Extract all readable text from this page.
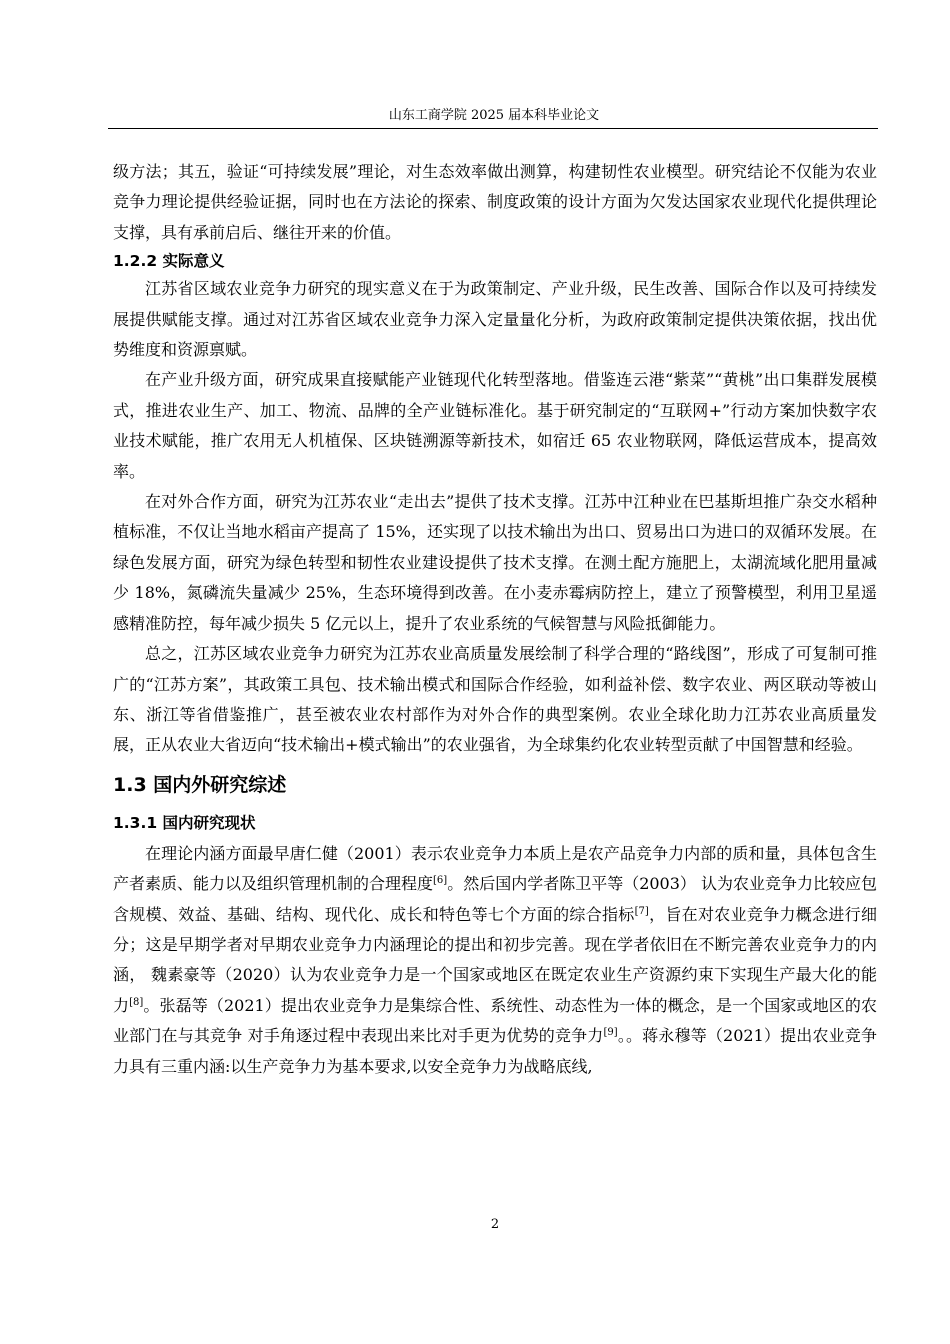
山东工商学院 2025 届本科毕业论文

级方法；其五，验证“可持续发展”理论，对生态效率做出测算，构建韧性农业模型。研究结论不仅能为农业竞争力理论提供经验证据，同时也在方法论的探索、制度政策的设计方面为欠发达国家农业现代化提供理论支撑，具有承前启后、继往开来的价值。

1.2.2 实际意义

江苏省区域农业竞争力研究的现实意义在于为政策制定、产业升级，民生改善、国际合作以及可持续发展提供赋能支撑。通过对江苏省区域农业竞争力深入定量量化分析，为政府政策制定提供决策依据，找出优势维度和资源禀赋。

在产业升级方面，研究成果直接赋能产业链现代化转型落地。借鉴连云港“紫菜”“黄桃”出口集群发展模式，推进农业生产、加工、物流、品牌的全产业链标准化。基于研究制定的“互联网+”行动方案加快数字农业技术赋能，推广农用无人机植保、区块链溯源等新技术，如宿迁 65 农业物联网，降低运营成本，提高效率。

在对外合作方面，研究为江苏农业“走出去”提供了技术支撑。江苏中江种业在巴基斯坦推广杂交水稻种植标准，不仅让当地水稻亩产提高了 15%，还实现了以技术输出为出口、贸易出口为进口的双循环发展。在绿色发展方面，研究为绿色转型和韧性农业建设提供了技术支撑。在测土配方施肥上，太湖流域化肥用量减少 18%，氮磷流失量减少 25%，生态环境得到改善。在小麦赤霉病防控上，建立了预警模型，利用卫星遥感精准防控，每年减少损失 5 亿元以上，提升了农业系统的气候智慧与风险抵御能力。

总之，江苏区域农业竞争力研究为江苏农业高质量发展绘制了科学合理的“路线图”，形成了可复制可推广的“江苏方案”，其政策工具包、技术输出模式和国际合作经验，如利益补偿、数字农业、两区联动等被山东、浙江等省借鉴推广，甚至被农业农村部作为对外合作的典型案例。农业全球化助力江苏农业高质量发展，正从农业大省迈向“技术输出+模式输出”的农业强省，为全球集约化农业转型贡献了中国智慧和经验。

1.3 国内外研究综述
1.3.1 国内研究现状

在理论内涵方面最早唐仁健（2001）表示农业竞争力本质上是农产品竞争力内部的质和量，具体包含生产者素质、能力以及组织管理机制的合理程度[6]。然后国内学者陈卫平等（2003） 认为农业竞争力比较应包含规模、效益、基础、结构、现代化、成长和特色等七个方面的综合指标[7]，旨在对农业竞争力概念进行细分；这是早期学者对早期农业竞争力内涵理论的提出和初步完善。现在学者依旧在不断完善农业竞争力的内涵， 魏素豪等（2020）认为农业竞争力是一个国家或地区在既定农业生产资源约束下实现生产最大化的能力[8]。张磊等（2021）提出农业竞争力是集综合性、系统性、动态性为一体的概念，是一个国家或地区的农业部门在与其竞争 对手角逐过程中表现出来比对手更为优势的竞争力[9]。。蒋永穆等（2021）提出农业竞争力具有三重内涵:以生产竞争力为基本要求,以安全竞争力为战略底线,

2
